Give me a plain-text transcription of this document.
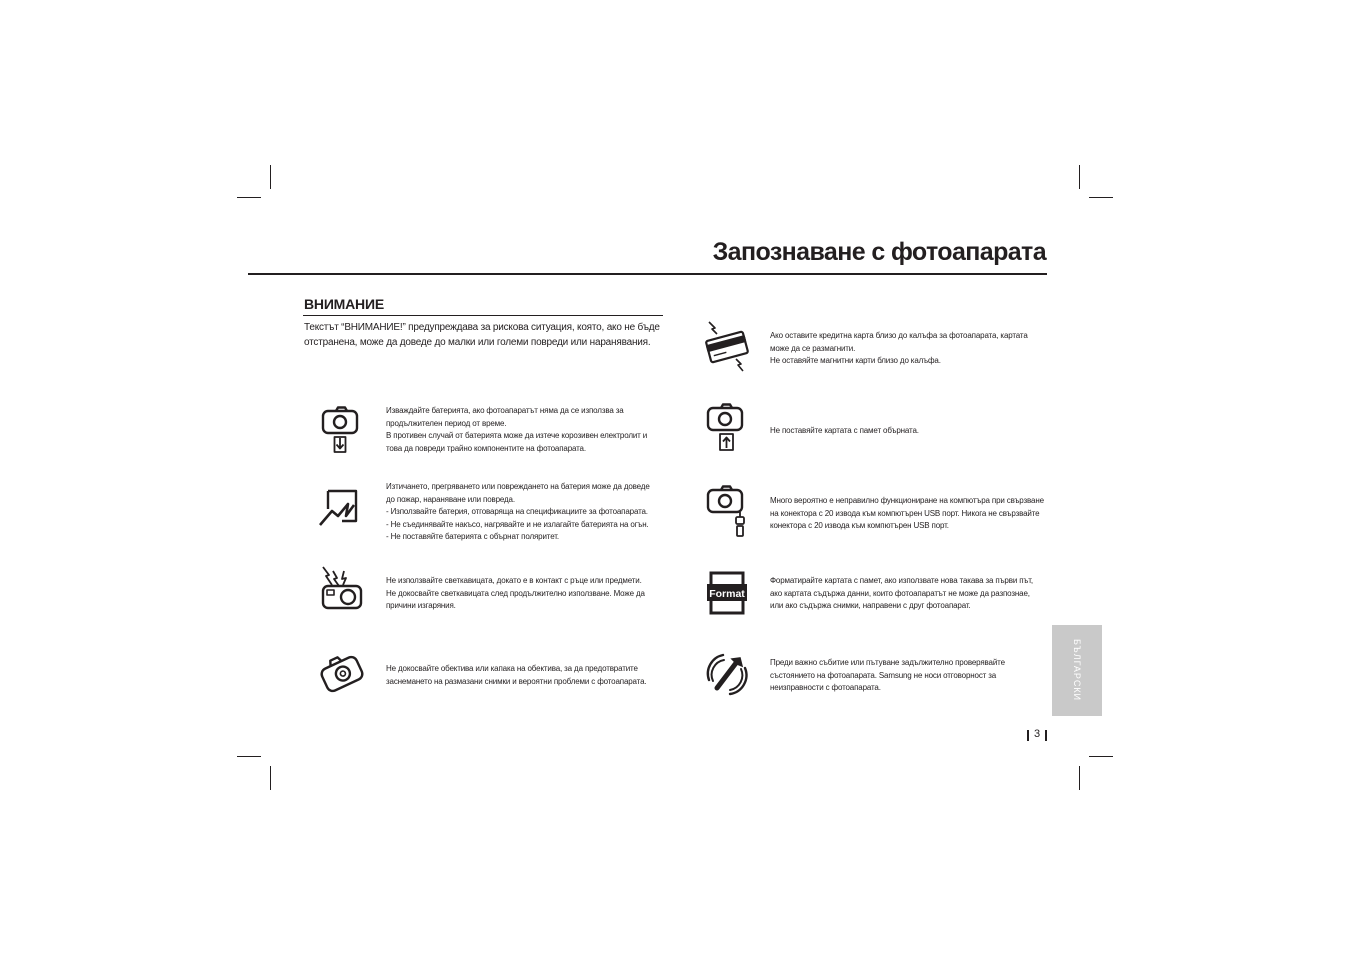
Запознаване с фотоапарата
ВНИМАНИЕ

Текстът “ВНИМАНИЕ!” предупреждава за рискова ситуация, която, ако не бъде отстранена, може да доведе до малки или големи повреди или наранявания.

Изваждайте батерията, ако фотоапаратът няма да се използва за

продължителен период от време.

В противен случай от батерията може да изтече корозивен електролит и

това да повреди трайно компонентите на фотоапарата.

Изтичането, прегряването или повреждането на батерия може да доведе

до пожар, нараняване или повреда.

- Използвайте батерия, отговаряща на спецификациите за фотоапарата.

- Не съединявайте накъсо, нагрявайте и не излагайте батерията на огън.

- Не поставяйте батерията с обърнат поляритет.

Не използвайте светкавицата, докато е в контакт с ръце или предмети.

Не докосвайте светкавицата след продължително използване. Може да

причини изгаряния.

Не докосвайте обектива или капака на обектива, за да предотвратите

заснемането на размазани снимки и вероятни проблеми с фотоапарата.

Ако оставите кредитна карта близо до калъфа за фотоапарата, картата

може да се размагнити.

Не оставяйте магнитни карти близо до калъфа.

Не поставяйте картата с памет обърната.

Много вероятно е неправилно функциониране на компютъра при свързване

на конектора с 20 извода към компютърен USB порт. Никога не свързвайте

конектора с 20 извода към компютърен USB порт.

Format

Форматирайте картата с памет, ако използвате нова такава за първи път,

ако картата съдържа данни, които фотоапаратът не може да разпознае,

или ако съдържа снимки, направени с друг фотоапарат.

Преди важно събитие или пътуване задължително проверявайте

състоянието на фотоапарата. Samsung не носи отговорност за

неизправности с фотоапарата.	БЪЛГАРСКИ
3
